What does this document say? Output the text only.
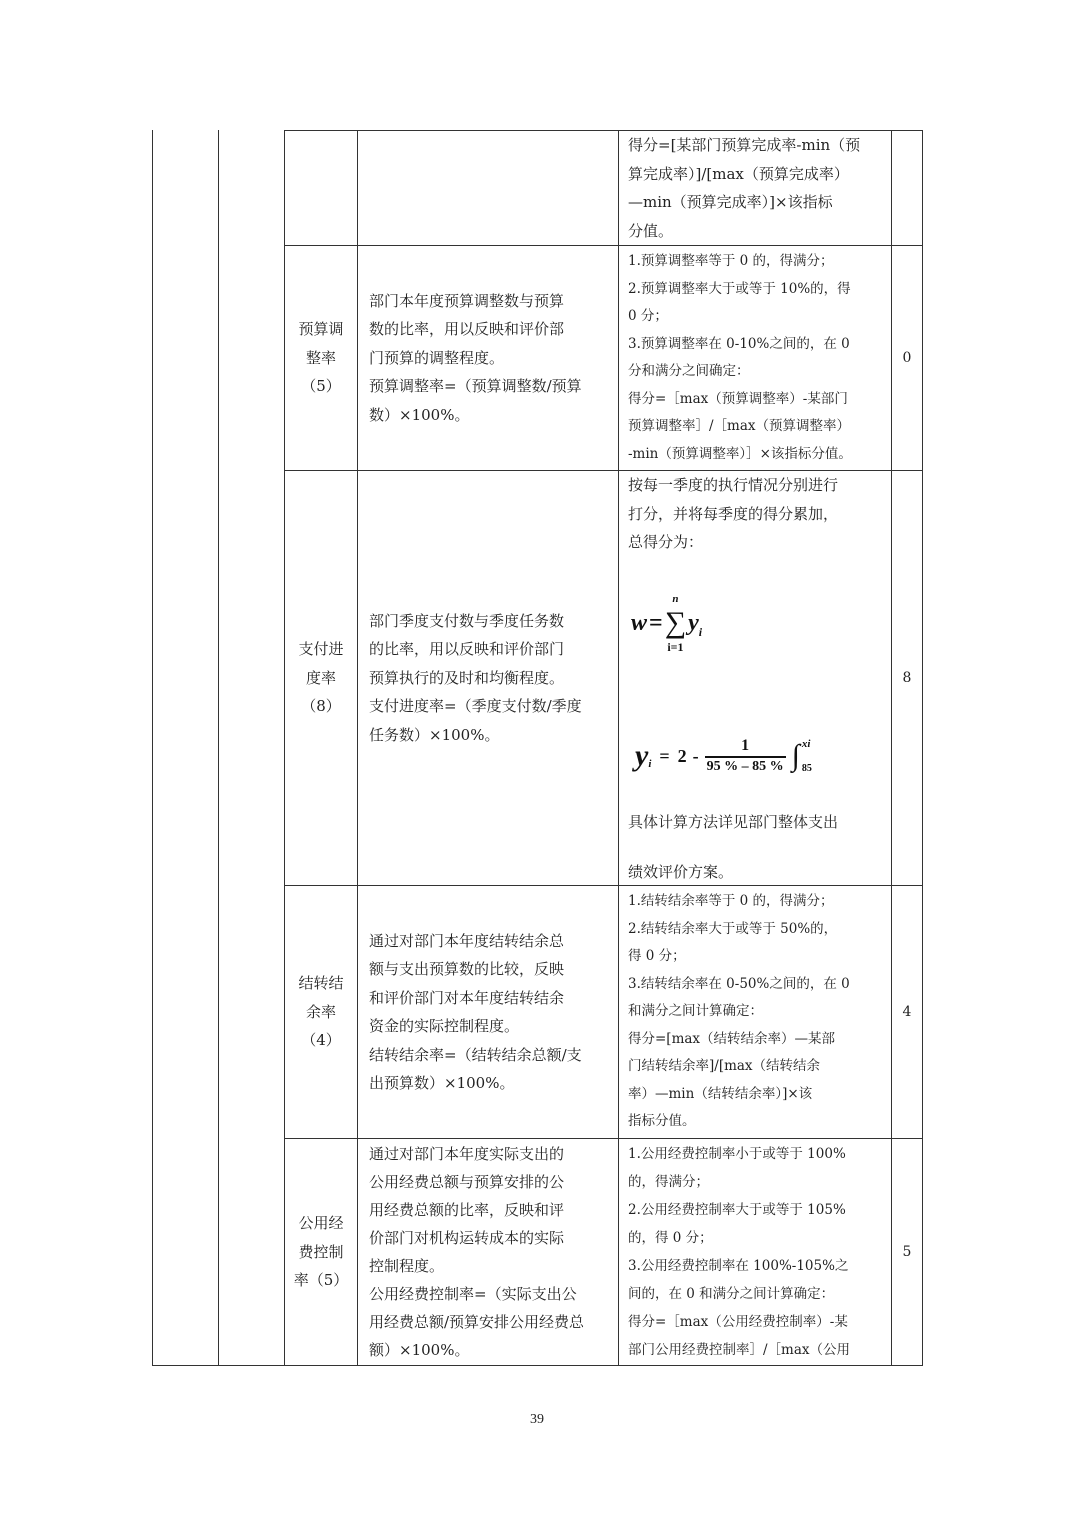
得分=[某部门预算完成率-min（预
算完成率）]/[max（预算完成率）
—min（预算完成率）]×该指标
分值。
预算调
整率
（5）
部门本年度预算调整数与预算
数的比率，用以反映和评价部
门预算的调整程度。
预算调整率=（预算调整数/预算
数）×100%。
1.预算调整率等于 0 的，得满分；
2.预算调整率大于或等于 10%的，得
0 分；
3.预算调整率在 0-10%之间的，在 0
分和满分之间确定：
得分=［max（预算调整率）-某部门
预算调整率］/［max（预算调整率）
-min（预算调整率）］×该指标分值。
0
支付进
度率
（8）
部门季度支付数与季度任务数
的比率，用以反映和评价部门
预算执行的及时和均衡程度。
支付进度率=（季度支付数/季度
任务数）×100%。
按每一季度的执行情况分别进行
打分，并将每季度的得分累加，
总得分为：
w =
n
∑
i=1
y i
y i = 2 -
1
95 % – 85 % ∫ xi
85
具体计算方法详见部门整体支出
绩效评价方案。
8
结转结
余率
（4）
通过对部门本年度结转结余总
额与支出预算数的比较，反映
和评价部门对本年度结转结余
资金的实际控制程度。
结转结余率=（结转结余总额/支
出预算数）×100%。
1.结转结余率等于 0 的，得满分；
2.结转结余率大于或等于 50%的，
得 0 分；
3.结转结余率在 0-50%之间的，在 0
和满分之间计算确定：
得分=[max（结转结余率）—某部
门结转结余率]/[max（结转结余
率）—min（结转结余率）]×该
指标分值。
4
公用经
费控制
率（5）
通过对部门本年度实际支出的
公用经费总额与预算安排的公
用经费总额的比率，反映和评
价部门对机构运转成本的实际
控制程度。
公用经费控制率=（实际支出公
用经费总额/预算安排公用经费总
额）×100%。
1.公用经费控制率小于或等于 100%
的，得满分；
2.公用经费控制率大于或等于 105%
的，得 0 分；
3.公用经费控制率在 100%-105%之
间的，在 0 和满分之间计算确定：
得分=［max（公用经费控制率）-某
部门公用经费控制率］/［max（公用
5
39
